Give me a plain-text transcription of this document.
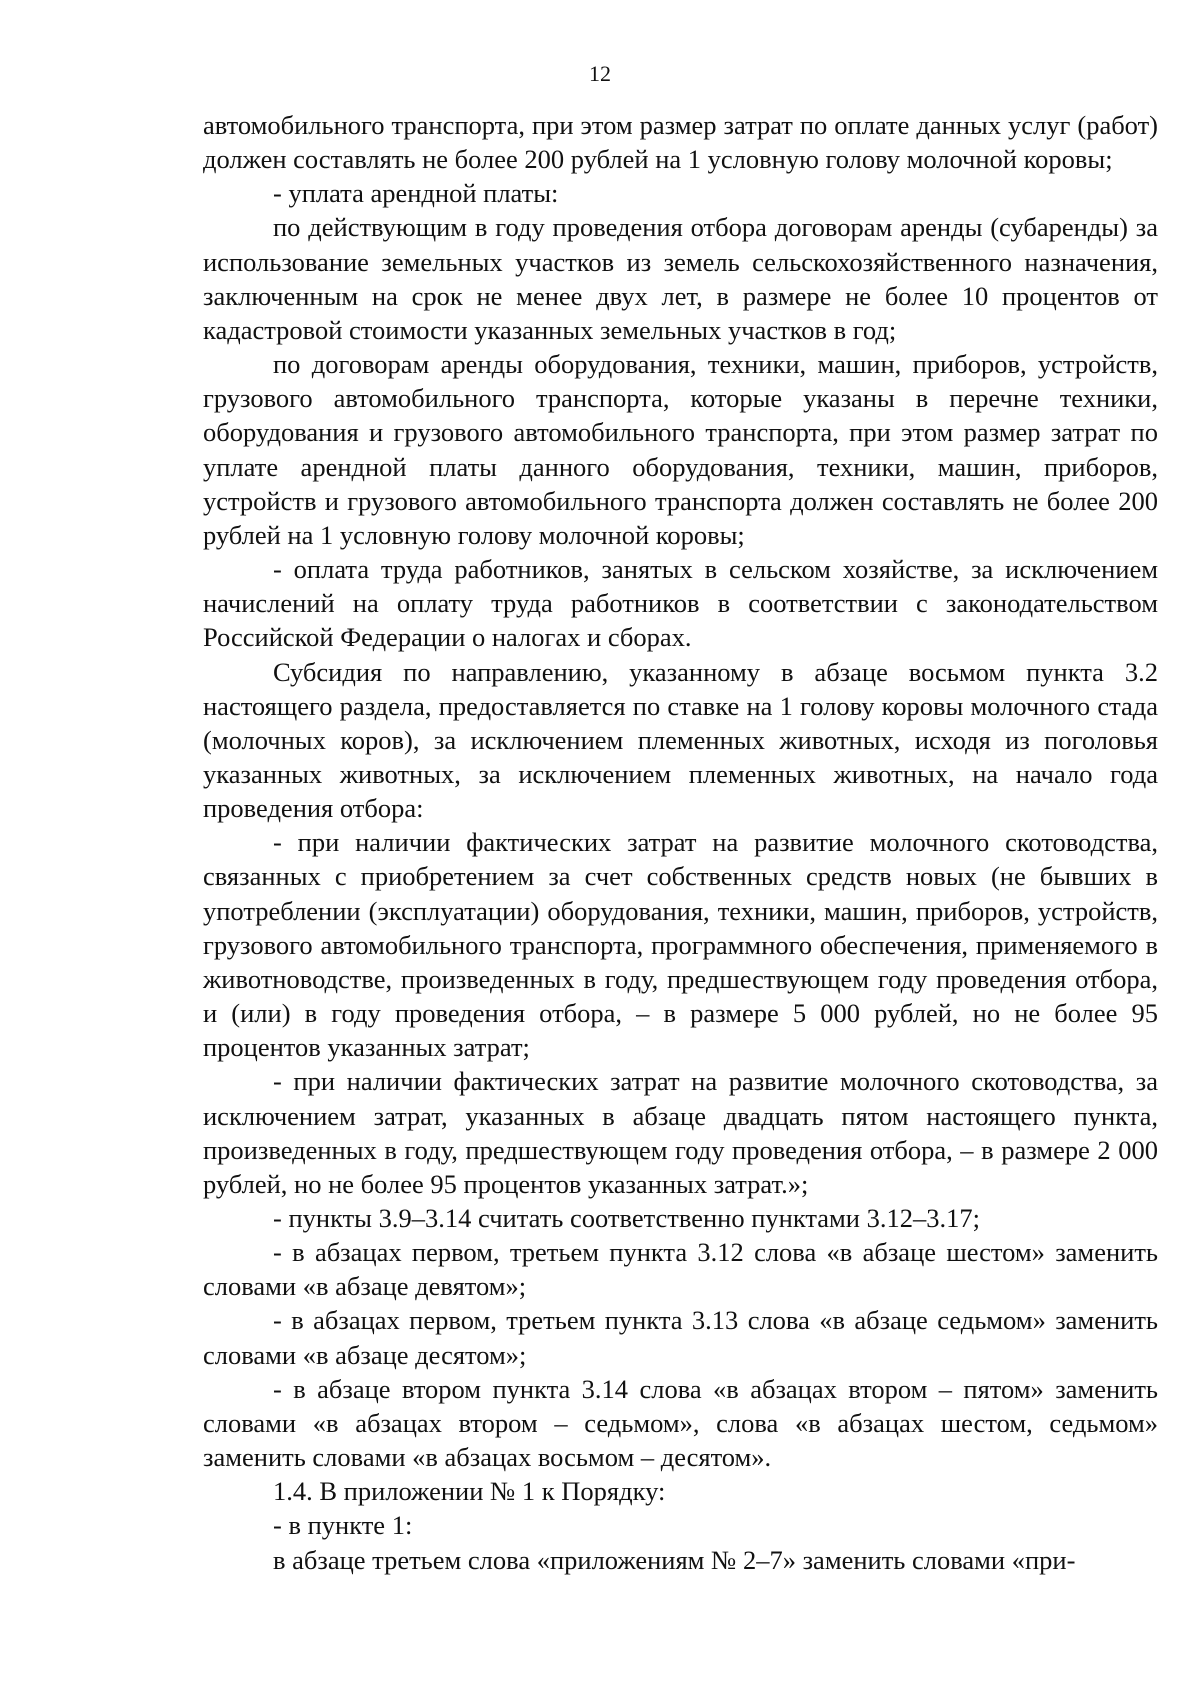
12

автомобильного транспорта, при этом размер затрат по оплате данных услуг (работ) должен составлять не более 200 рублей на 1 условную голову молочной коровы;

- уплата арендной платы:

по действующим в году проведения отбора договорам аренды (субаренды) за использование земельных участков из земель сельскохозяйственного назначения, заключенным на срок не менее двух лет, в размере не более 10 процентов от кадастровой стоимости указанных земельных участков в год;

по договорам аренды оборудования, техники, машин, приборов, устройств, грузового автомобильного транспорта, которые указаны в перечне техники, оборудования и грузового автомобильного транспорта, при этом размер затрат по уплате арендной платы данного оборудования, техники, машин, приборов, устройств и грузового автомобильного транспорта должен составлять не более 200 рублей на 1 условную голову молочной коровы;

- оплата труда работников, занятых в сельском хозяйстве, за исключением начислений на оплату труда работников в соответствии с законодательством Российской Федерации о налогах и сборах.

Субсидия по направлению, указанному в абзаце восьмом пункта 3.2 настоящего раздела, предоставляется по ставке на 1 голову коровы молочного стада (молочных коров), за исключением племенных животных, исходя из поголовья указанных животных, за исключением племенных животных, на начало года проведения отбора:

- при наличии фактических затрат на развитие молочного скотоводства, связанных с приобретением за счет собственных средств новых (не бывших в употреблении (эксплуатации) оборудования, техники, машин, приборов, устройств, грузового автомобильного транспорта, программного обеспечения, применяемого в животноводстве, произведенных в году, предшествующем году проведения отбора, и (или) в году проведения отбора, – в размере 5 000 рублей, но не более 95 процентов указанных затрат;

- при наличии фактических затрат на развитие молочного скотоводства, за исключением затрат, указанных в абзаце двадцать пятом настоящего пункта, произведенных в году, предшествующем году проведения отбора, – в размере 2 000 рублей, но не более 95 процентов указанных затрат.»;

- пункты 3.9–3.14 считать соответственно пунктами 3.12–3.17;

- в абзацах первом, третьем пункта 3.12 слова «в абзаце шестом» заменить словами «в абзаце девятом»;

- в абзацах первом, третьем пункта 3.13 слова «в абзаце седьмом» заменить словами «в абзаце десятом»;

- в абзаце втором пункта 3.14 слова «в абзацах втором – пятом» заменить словами «в абзацах втором – седьмом», слова «в абзацах шестом, седьмом» заменить словами «в абзацах восьмом – десятом».

1.4. В приложении № 1 к Порядку:

- в пункте 1:

в абзаце третьем слова «приложениям № 2–7» заменить словами «при-
